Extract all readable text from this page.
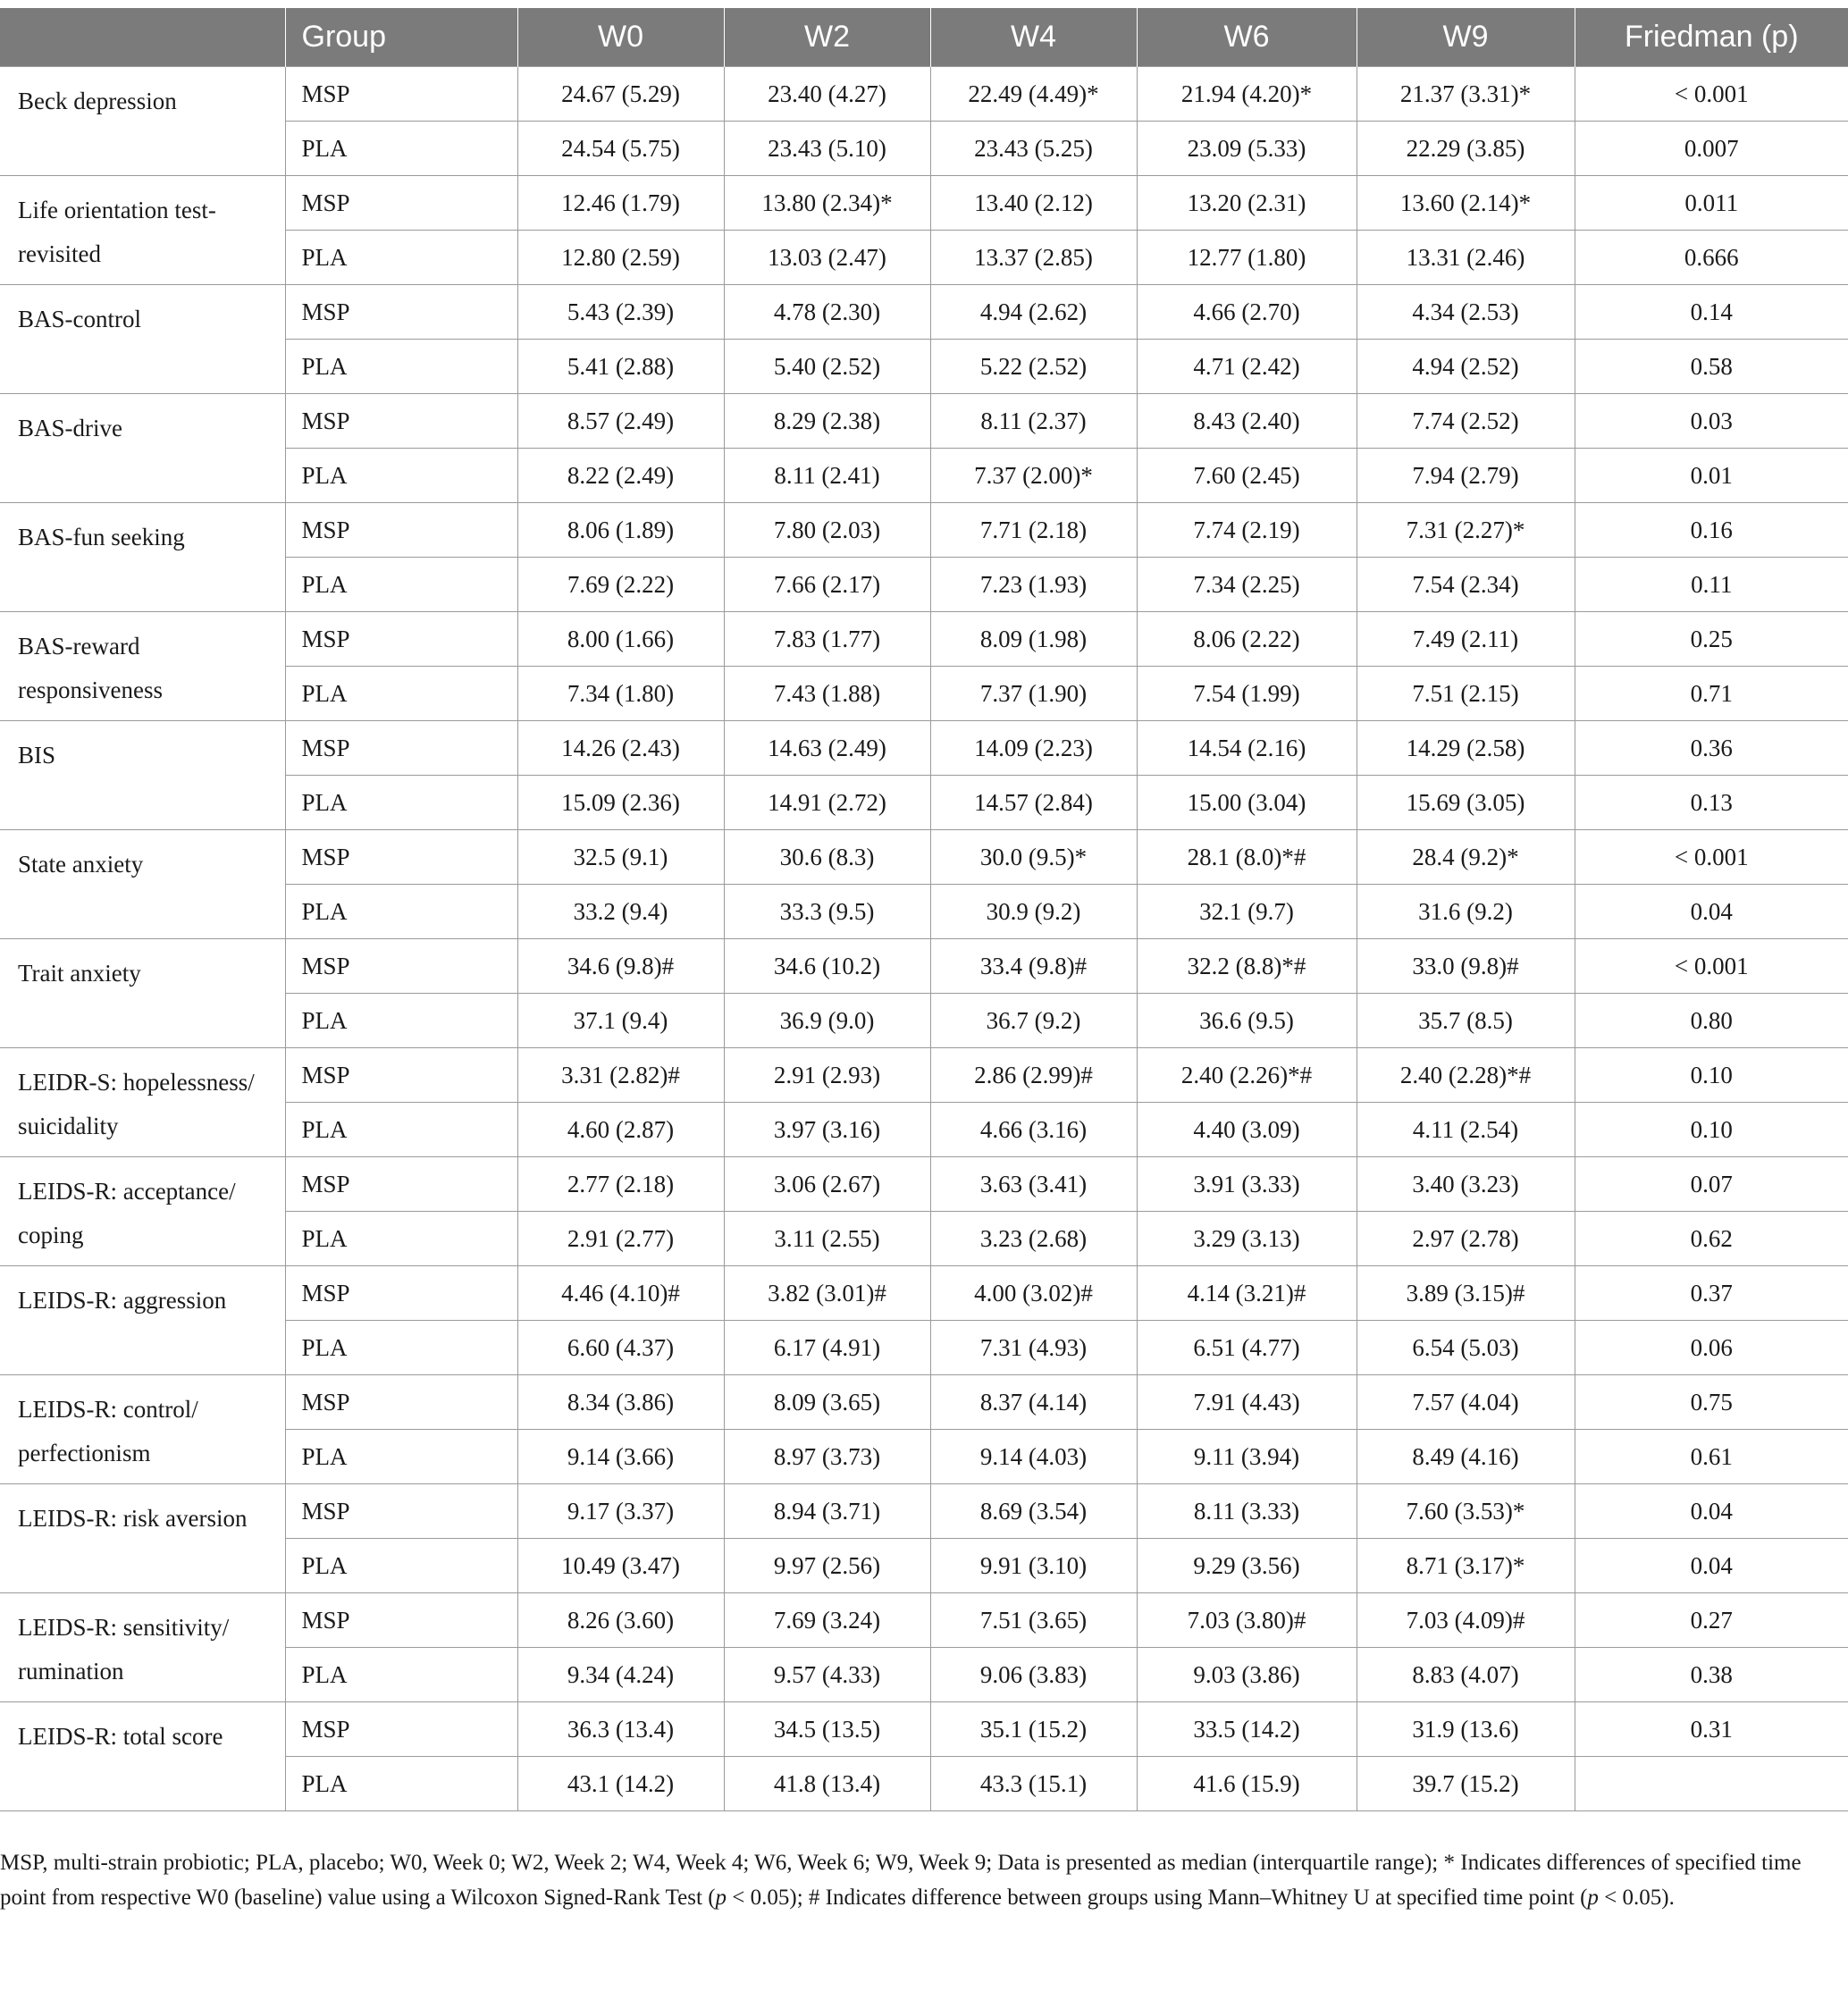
	Group	W0	W2	W4	W6	W9	Friedman (p)
Beck depression	MSP	24.67 (5.29)	23.40 (4.27)	22.49 (4.49)*	21.94 (4.20)*	21.37 (3.31)*	< 0.001
	PLA	24.54 (5.75)	23.43 (5.10)	23.43 (5.25)	23.09 (5.33)	22.29 (3.85)	0.007
Life orientation test-revisited	MSP	12.46 (1.79)	13.80 (2.34)*	13.40 (2.12)	13.20 (2.31)	13.60 (2.14)*	0.011
	PLA	12.80 (2.59)	13.03 (2.47)	13.37 (2.85)	12.77 (1.80)	13.31 (2.46)	0.666
BAS-control	MSP	5.43 (2.39)	4.78 (2.30)	4.94 (2.62)	4.66 (2.70)	4.34 (2.53)	0.14
	PLA	5.41 (2.88)	5.40 (2.52)	5.22 (2.52)	4.71 (2.42)	4.94 (2.52)	0.58
BAS-drive	MSP	8.57 (2.49)	8.29 (2.38)	8.11 (2.37)	8.43 (2.40)	7.74 (2.52)	0.03
	PLA	8.22 (2.49)	8.11 (2.41)	7.37 (2.00)*	7.60 (2.45)	7.94 (2.79)	0.01
BAS-fun seeking	MSP	8.06 (1.89)	7.80 (2.03)	7.71 (2.18)	7.74 (2.19)	7.31 (2.27)*	0.16
	PLA	7.69 (2.22)	7.66 (2.17)	7.23 (1.93)	7.34 (2.25)	7.54 (2.34)	0.11
BAS-reward responsiveness	MSP	8.00 (1.66)	7.83 (1.77)	8.09 (1.98)	8.06 (2.22)	7.49 (2.11)	0.25
	PLA	7.34 (1.80)	7.43 (1.88)	7.37 (1.90)	7.54 (1.99)	7.51 (2.15)	0.71
BIS	MSP	14.26 (2.43)	14.63 (2.49)	14.09 (2.23)	14.54 (2.16)	14.29 (2.58)	0.36
	PLA	15.09 (2.36)	14.91 (2.72)	14.57 (2.84)	15.00 (3.04)	15.69 (3.05)	0.13
State anxiety	MSP	32.5 (9.1)	30.6 (8.3)	30.0 (9.5)*	28.1 (8.0)*#	28.4 (9.2)*	< 0.001
	PLA	33.2 (9.4)	33.3 (9.5)	30.9 (9.2)	32.1 (9.7)	31.6 (9.2)	0.04
Trait anxiety	MSP	34.6 (9.8)#	34.6 (10.2)	33.4 (9.8)#	32.2 (8.8)*#	33.0 (9.8)#	< 0.001
	PLA	37.1 (9.4)	36.9 (9.0)	36.7 (9.2)	36.6 (9.5)	35.7 (8.5)	0.80
LEIDR-S: hopelessness/ suicidality	MSP	3.31 (2.82)#	2.91 (2.93)	2.86 (2.99)#	2.40 (2.26)*#	2.40 (2.28)*#	0.10
	PLA	4.60 (2.87)	3.97 (3.16)	4.66 (3.16)	4.40 (3.09)	4.11 (2.54)	0.10
LEIDS-R: acceptance/ coping	MSP	2.77 (2.18)	3.06 (2.67)	3.63 (3.41)	3.91 (3.33)	3.40 (3.23)	0.07
	PLA	2.91 (2.77)	3.11 (2.55)	3.23 (2.68)	3.29 (3.13)	2.97 (2.78)	0.62
LEIDS-R: aggression	MSP	4.46 (4.10)#	3.82 (3.01)#	4.00 (3.02)#	4.14 (3.21)#	3.89 (3.15)#	0.37
	PLA	6.60 (4.37)	6.17 (4.91)	7.31 (4.93)	6.51 (4.77)	6.54 (5.03)	0.06
LEIDS-R: control/ perfectionism	MSP	8.34 (3.86)	8.09 (3.65)	8.37 (4.14)	7.91 (4.43)	7.57 (4.04)	0.75
	PLA	9.14 (3.66)	8.97 (3.73)	9.14 (4.03)	9.11 (3.94)	8.49 (4.16)	0.61
LEIDS-R: risk aversion	MSP	9.17 (3.37)	8.94 (3.71)	8.69 (3.54)	8.11 (3.33)	7.60 (3.53)*	0.04
	PLA	10.49 (3.47)	9.97 (2.56)	9.91 (3.10)	9.29 (3.56)	8.71 (3.17)*	0.04
LEIDS-R: sensitivity/ rumination	MSP	8.26 (3.60)	7.69 (3.24)	7.51 (3.65)	7.03 (3.80)#	7.03 (4.09)#	0.27
	PLA	9.34 (4.24)	9.57 (4.33)	9.06 (3.83)	9.03 (3.86)	8.83 (4.07)	0.38
LEIDS-R: total score	MSP	36.3 (13.4)	34.5 (13.5)	35.1 (15.2)	33.5 (14.2)	31.9 (13.6)	0.31
	PLA	43.1 (14.2)	41.8 (13.4)	43.3 (15.1)	41.6 (15.9)	39.7 (15.2)	
MSP, multi-strain probiotic; PLA, placebo; W0, Week 0; W2, Week 2; W4, Week 4; W6, Week 6; W9, Week 9; Data is presented as median (interquartile range); * Indicates differences of specified time point from respective W0 (baseline) value using a Wilcoxon Signed-Rank Test (p < 0.05); # Indicates difference between groups using Mann–Whitney U at specified time point (p < 0.05).
